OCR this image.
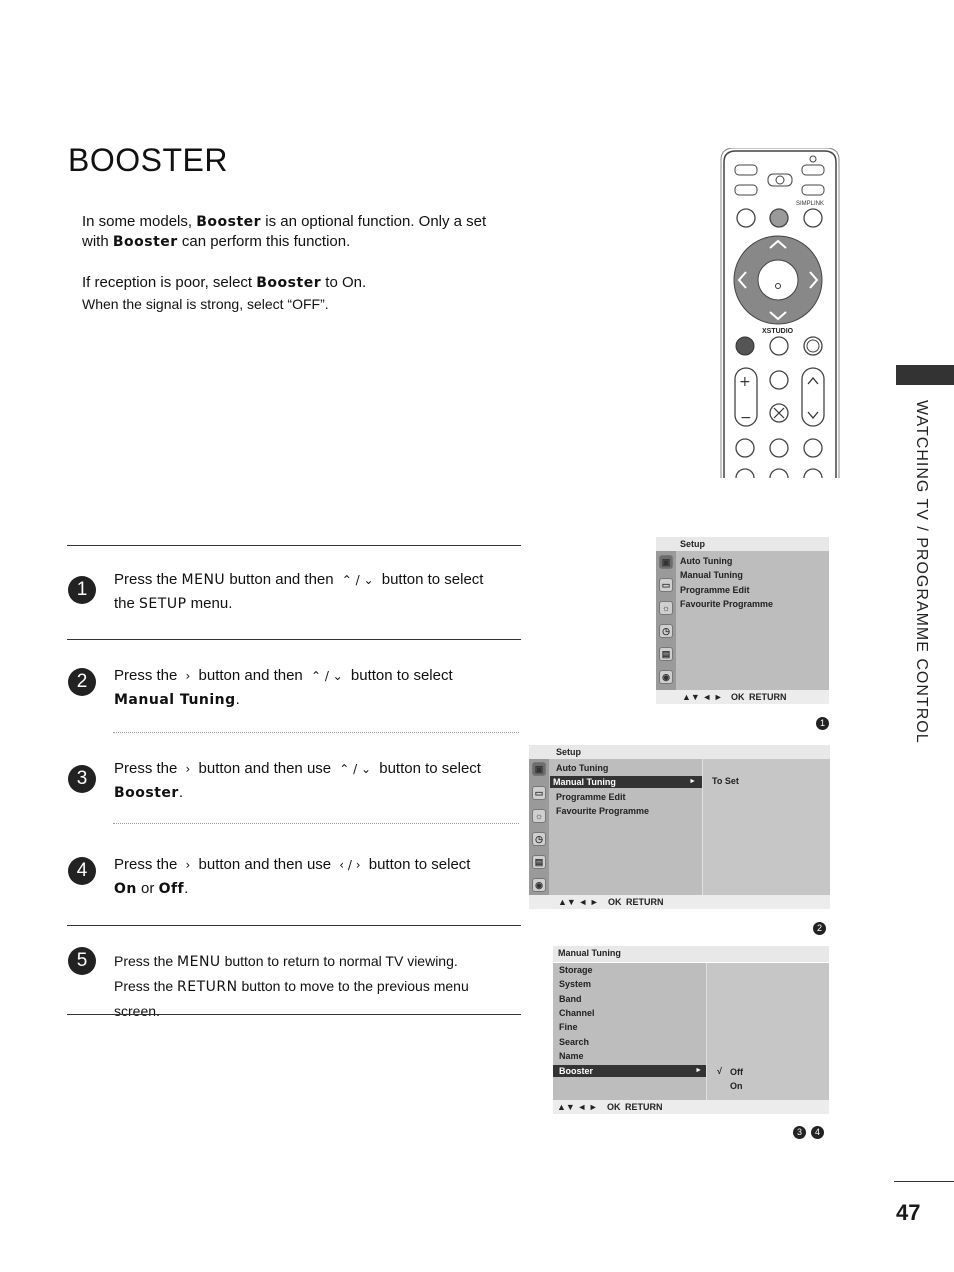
BOOSTER
In some models, Booster is an optional function. Only a set
with Booster can perform this function.
If reception is poor, select Booster to On.
When the signal is strong, select “OFF”.
SIMPLINK
XSTUDIO
+
−	WATCHING TV / PROGRAMME CONTROL
1	Press the MENU button and then ⌃ / ⌄ button to select
the SETUP menu.
2	Press the › button and then ⌃ / ⌄ button to select
Manual Tuning.
3	Press the › button and then use ⌃ / ⌄ button to select
Booster.
4	Press the › button and then use ‹ / › button to select
On or Off.
5	Press the MENU button to return to normal TV viewing.
Press the RETURN button to move to the previous menu screen.
Setup
▣
▭
☼
◷
▤
◉
Auto Tuning
Manual Tuning
Programme Edit
Favourite Programme
▲▼ ◄ ► OK RETURN
1
Setup
▣
▭
☼
◷
▤
◉
Auto Tuning
Manual Tuning	►
Programme Edit
Favourite Programme
To Set
▲▼ ◄ ► OK RETURN
2
Manual Tuning
Storage
System
Band
Channel
Fine
Search
Name
Booster	► √ Off
On
▲▼ ◄ ► OK RETURN
3	4
47
